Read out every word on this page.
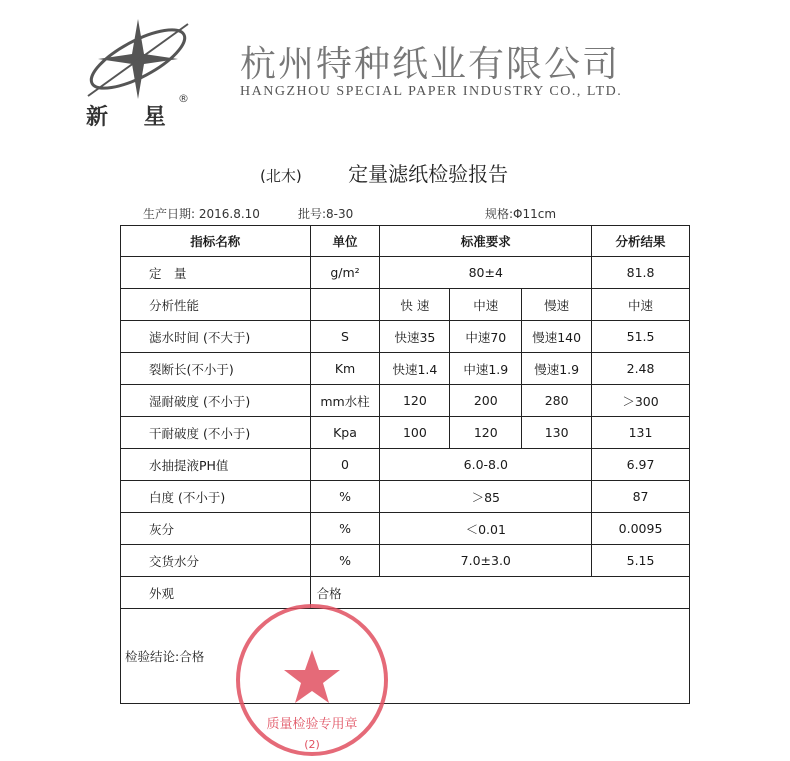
新 星
®
杭州特种纸业有限公司
HANGZHOU SPECIAL PAPER INDUSTRY CO., LTD.
(北木) 定量滤纸检验报告
生产日期: 2016.8.10	批号:8-30	规格:Φ11cm
指标名称	单位	标准要求			分析结果
定　量	g/m²	80±4			81.8
分析性能		快 速	中速	慢速	中速
滤水时间 (不大于)	S	快速35	中速70	慢速140	51.5
裂断长(不小于)	Km	快速1.4	中速1.9	慢速1.9	2.48
湿耐破度 (不小于)	mm水柱	120	200	280	＞300
干耐破度 (不小于)	Kpa	100	120	130	131
水抽提液PH值	0	6.0-8.0			6.97
白度 (不小于)	%	＞85			87
灰分	%	＜0.01			0.0095
交货水分	%	7.0±3.0			5.15
外观	合格				
检验结论:合格					
质量检验专用章
(2)
